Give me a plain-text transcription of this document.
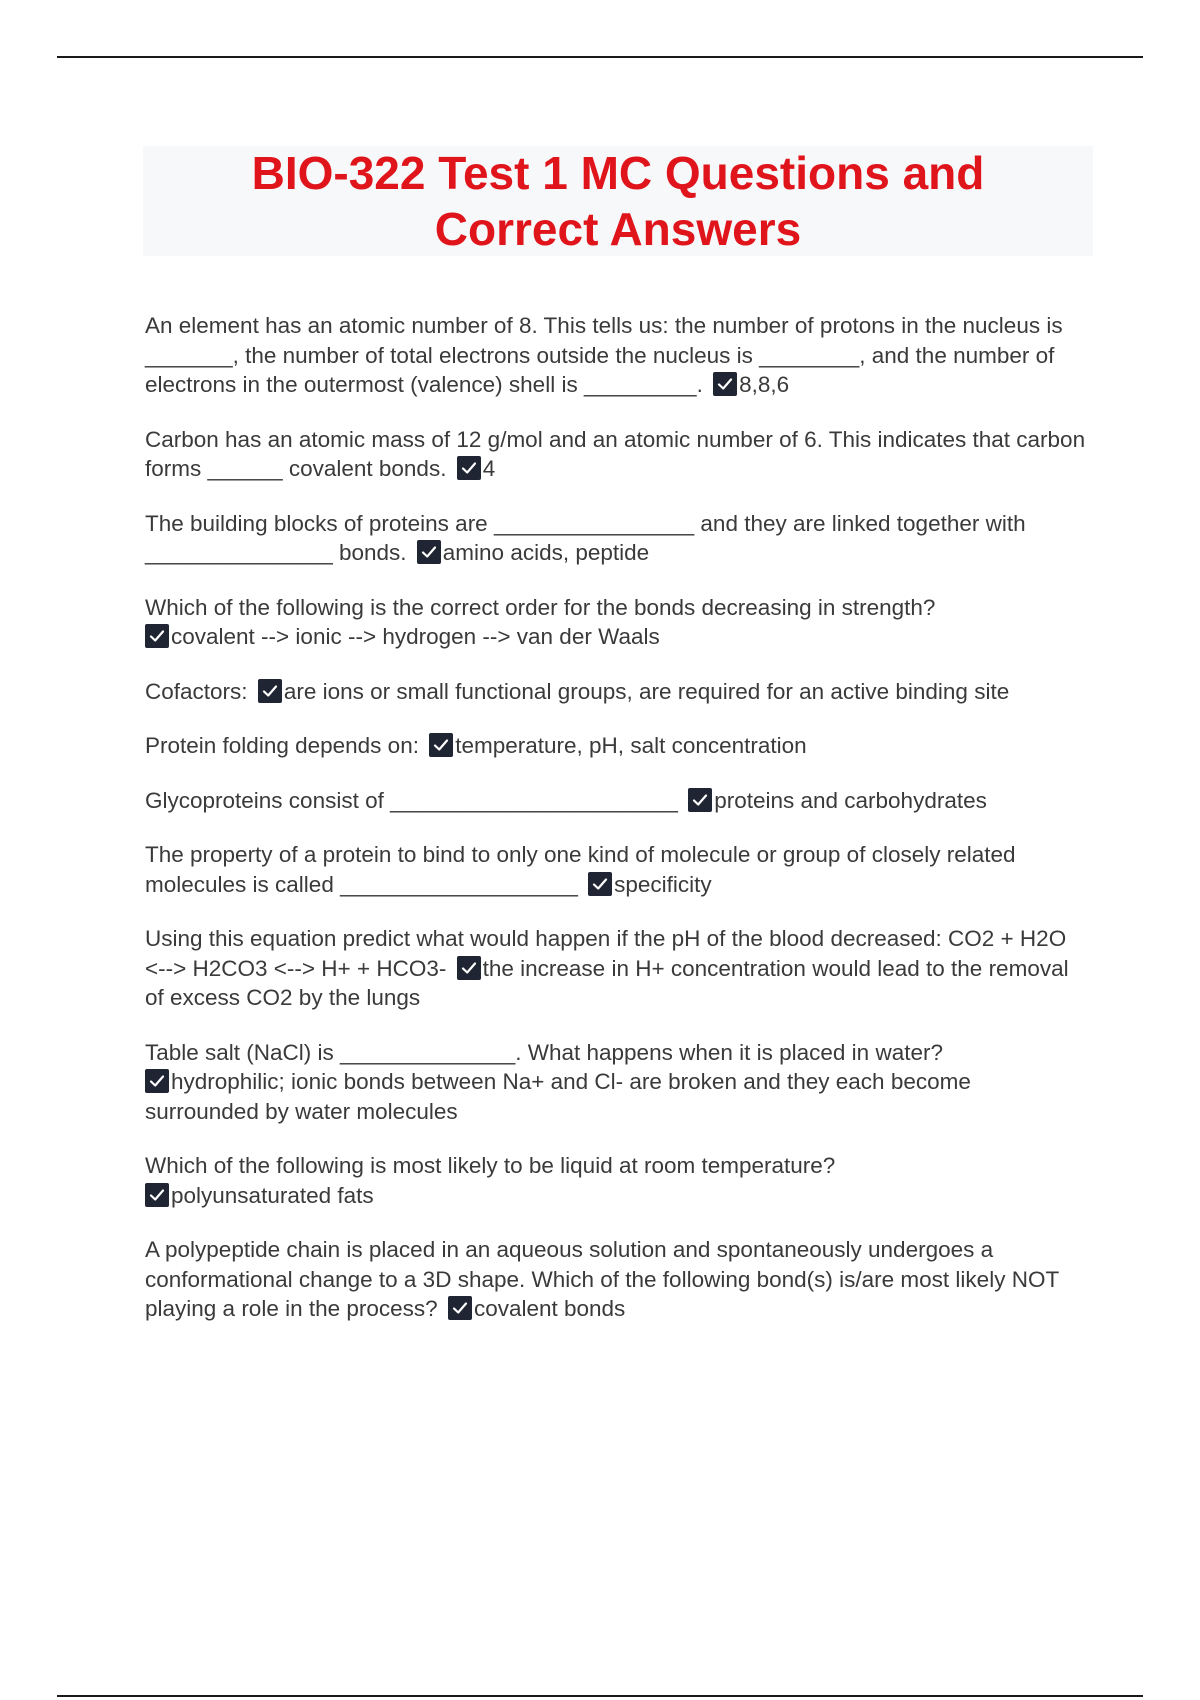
BIO-322 Test 1 MC Questions and
Correct Answers
An element has an atomic number of 8. This tells us: the number of protons in the nucleus is _______, the number of total electrons outside the nucleus is ________, and the number of electrons in the outermost (valence) shell is _________. 8,8,6
Carbon has an atomic mass of 12 g/mol and an atomic number of 6. This indicates that carbon forms ______ covalent bonds. 4
The building blocks of proteins are ________________ and they are linked together with _______________ bonds. amino acids, peptide
Which of the following is the correct order for the bonds decreasing in strength?

covalent --> ionic --> hydrogen --> van der Waals
Cofactors: are ions or small functional groups, are required for an active binding site
Protein folding depends on: temperature, pH, salt concentration
Glycoproteins consist of _______________________ proteins and carbohydrates
The property of a protein to bind to only one kind of molecule or group of closely related molecules is called ___________________ specificity
Using this equation predict what would happen if the pH of the blood decreased: CO2 + H2O <--> H2CO3 <--> H+ + HCO3- the increase in H+ concentration would lead to the removal of excess CO2 by the lungs
Table salt (NaCl) is ______________. What happens when it is placed in water?

hydrophilic; ionic bonds between Na+ and Cl- are broken and they each become surrounded by water molecules
Which of the following is most likely to be liquid at room temperature?

polyunsaturated fats
A polypeptide chain is placed in an aqueous solution and spontaneously undergoes a conformational change to a 3D shape. Which of the following bond(s) is/are most likely NOT playing a role in the process? covalent bonds
